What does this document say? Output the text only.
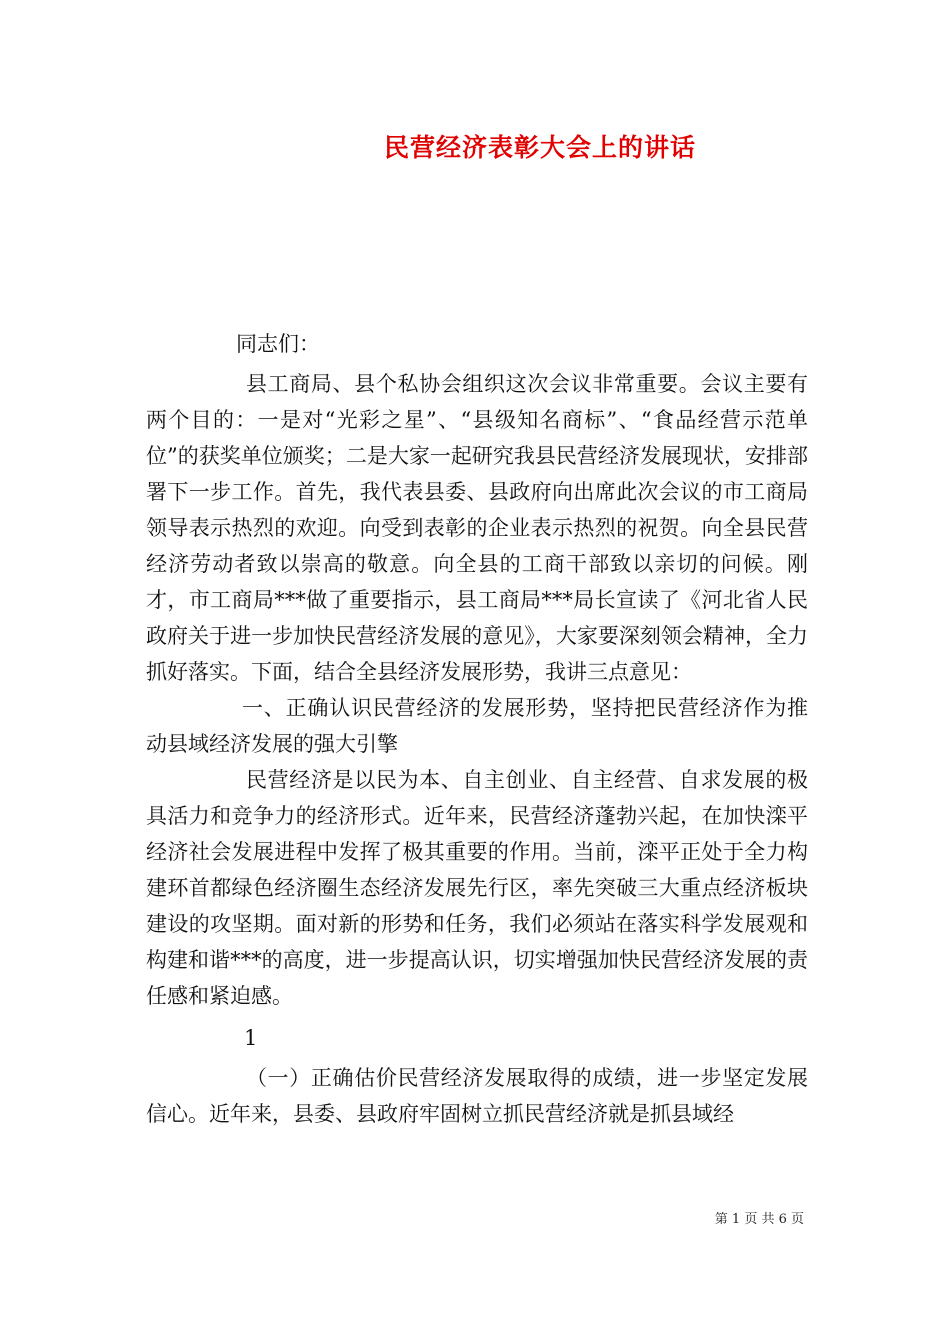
民营经济表彰大会上的讲话

同志们：

县工商局、县个私协会组织这次会议非常重要。会议主要有两个目的：一是对“光彩之星”、“县级知名商标”、“食品经营示范单位”的获奖单位颁奖；二是大家一起研究我县民营经济发展现状，安排部署下一步工作。首先，我代表县委、县政府向出席此次会议的市工商局领导表示热烈的欢迎。向受到表彰的企业表示热烈的祝贺。向全县民营经济劳动者致以崇高的敬意。向全县的工商干部致以亲切的问候。刚才，市工商局***做了重要指示，县工商局***局长宣读了《河北省人民政府关于进一步加快民营经济发展的意见》，大家要深刻领会精神，全力抓好落实。下面，结合全县经济发展形势，我讲三点意见：

一、正确认识民营经济的发展形势，坚持把民营经济作为推动县域经济发展的强大引擎

民营经济是以民为本、自主创业、自主经营、自求发展的极具活力和竞争力的经济形式。近年来，民营经济蓬勃兴起，在加快滦平经济社会发展进程中发挥了极其重要的作用。当前，滦平正处于全力构建环首都绿色经济圈生态经济发展先行区，率先突破三大重点经济板块建设的攻坚期。面对新的形势和任务，我们必须站在落实科学发展观和构建和谐***的高度，进一步提高认识，切实增强加快民营经济发展的责任感和紧迫感。

1

（一）正确估价民营经济发展取得的成绩，进一步坚定发展信心。近年来，县委、县政府牢固树立抓民营经济就是抓县域经

第 1 页 共 6 页
